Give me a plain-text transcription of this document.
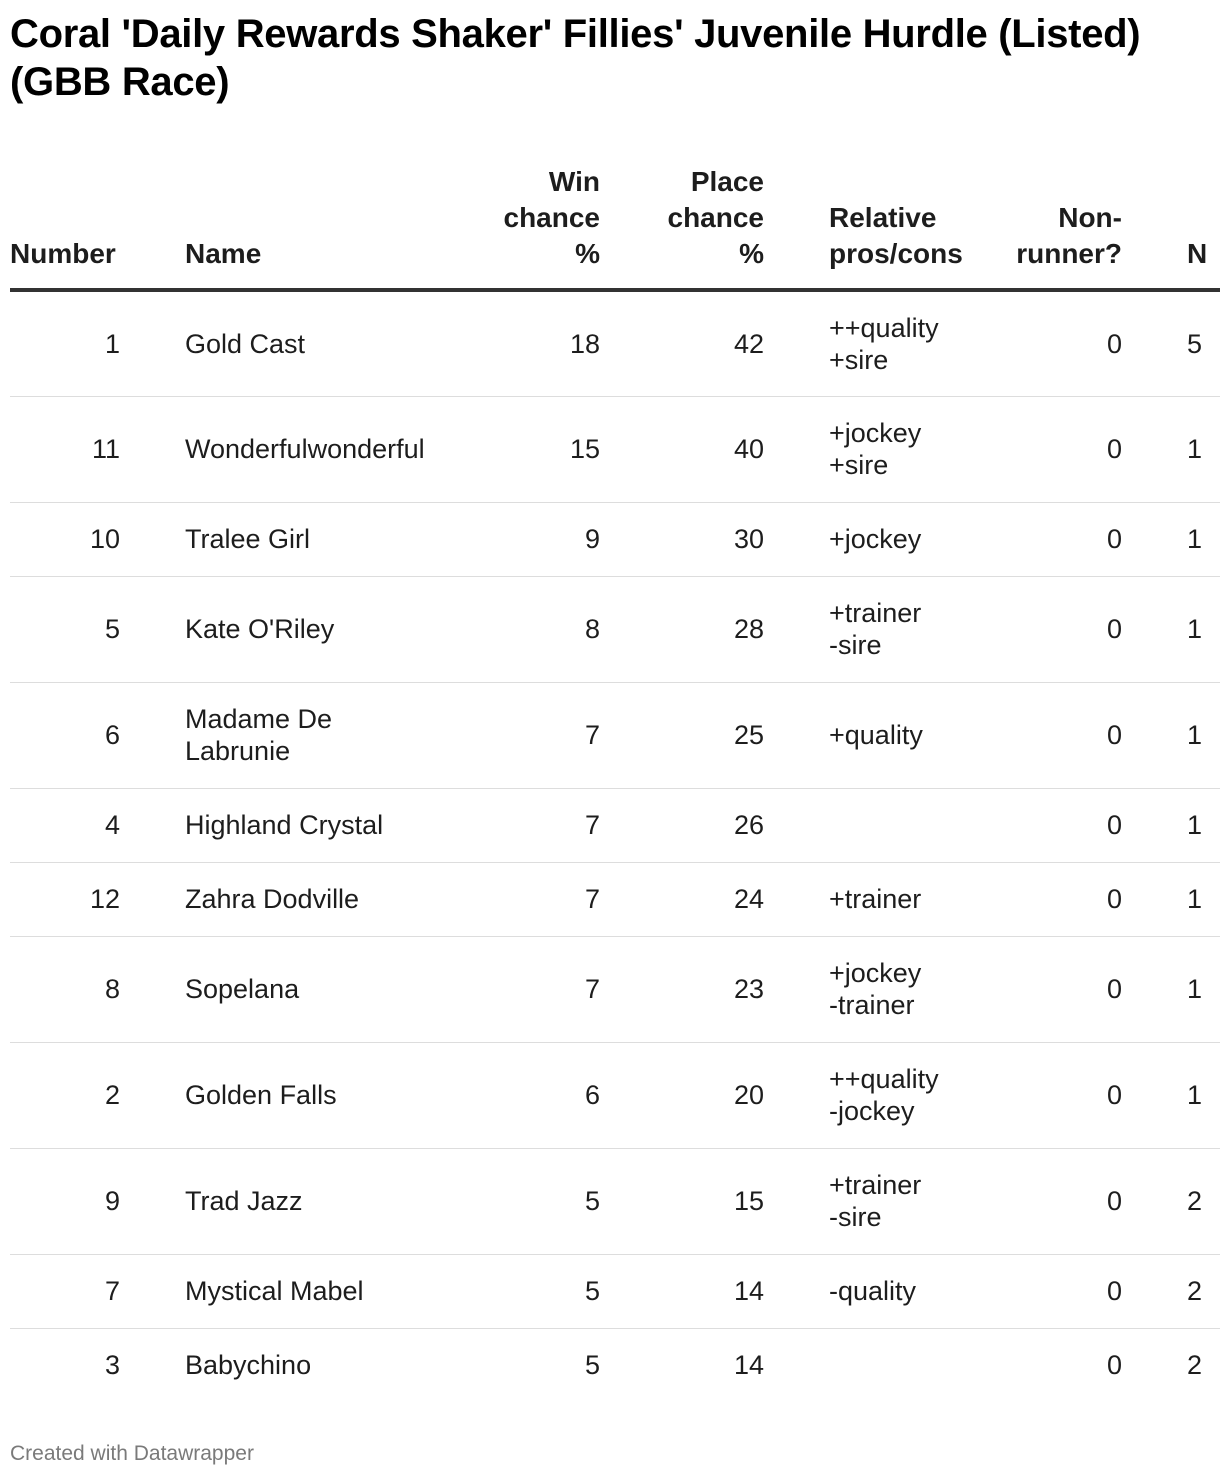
Coral 'Daily Rewards Shaker' Fillies' Juvenile Hurdle (Listed) (GBB Race)
Number	Name	Win chance %	Place chance %	Relative pros/cons	Non-runner?	N

1	Gold Cast	18	42	++quality
+sire	0	5

11	Wonderfulwonderful	15	40	+jockey
+sire	0	1

10	Tralee Girl	9	30	+jockey	0	1

5	Kate O'Riley	8	28	+trainer
-sire	0	1

6	Madame De Labrunie	7	25	+quality	0	1

4	Highland Crystal	7	26		0	1

12	Zahra Dodville	7	24	+trainer	0	1

8	Sopelana	7	23	+jockey
-trainer	0	1

2	Golden Falls	6	20	++quality
-jockey	0	1

9	Trad Jazz	5	15	+trainer
-sire	0	2

7	Mystical Mabel	5	14	-quality	0	2

3	Babychino	5	14		0	2
Created with Datawrapper
